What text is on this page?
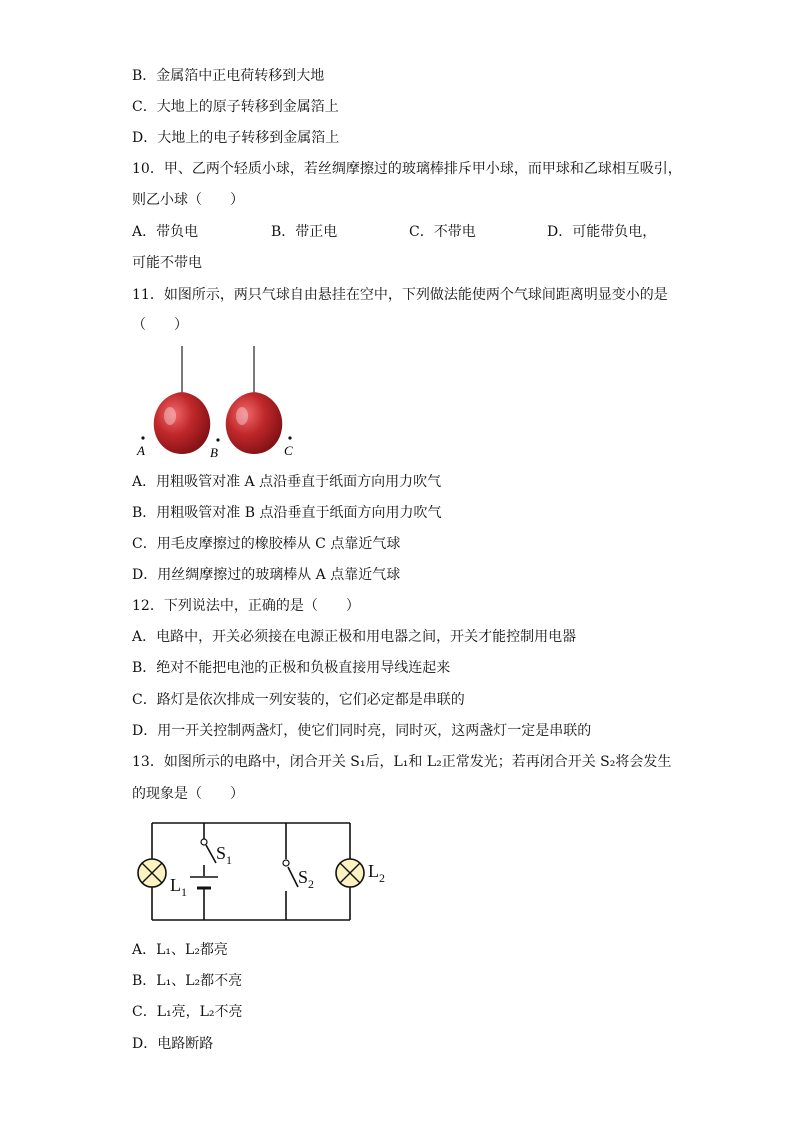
B．金属箔中正电荷转移到大地
C．大地上的原子转移到金属箔上
D．大地上的电子转移到金属箔上
10．甲、乙两个轻质小球，若丝绸摩擦过的玻璃棒排斥甲小球，而甲球和乙球相互吸引，
则乙小球（　　）
A．带负电	B．带正电	C．不带电	D．可能带负电，
可能不带电
11．如图所示，两只气球自由悬挂在空中，下列做法能使两个气球间距离明显变小的是
（　　）
A	B	C
A．用粗吸管对准 A 点沿垂直于纸面方向用力吹气
B．用粗吸管对准 B 点沿垂直于纸面方向用力吹气
C．用毛皮摩擦过的橡胶棒从 C 点靠近气球
D．用丝绸摩擦过的玻璃棒从 A 点靠近气球
12．下列说法中，正确的是（　　）
A．电路中，开关必须接在电源正极和用电器之间，开关才能控制用电器
B．绝对不能把电池的正极和负极直接用导线连起来
C．路灯是依次排成一列安装的，它们必定都是串联的
D．用一开关控制两盏灯，使它们同时亮，同时灭，这两盏灯一定是串联的
13．如图所示的电路中，闭合开关 S₁后，L₁和 L₂正常发光；若再闭合开关 S₂将会发生
的现象是（　　）
$S_1$
$L_1$
$S_2$
$L_2$
A．L₁、L₂都亮
B．L₁、L₂都不亮
C．L₁亮，L₂不亮
D．电路断路
